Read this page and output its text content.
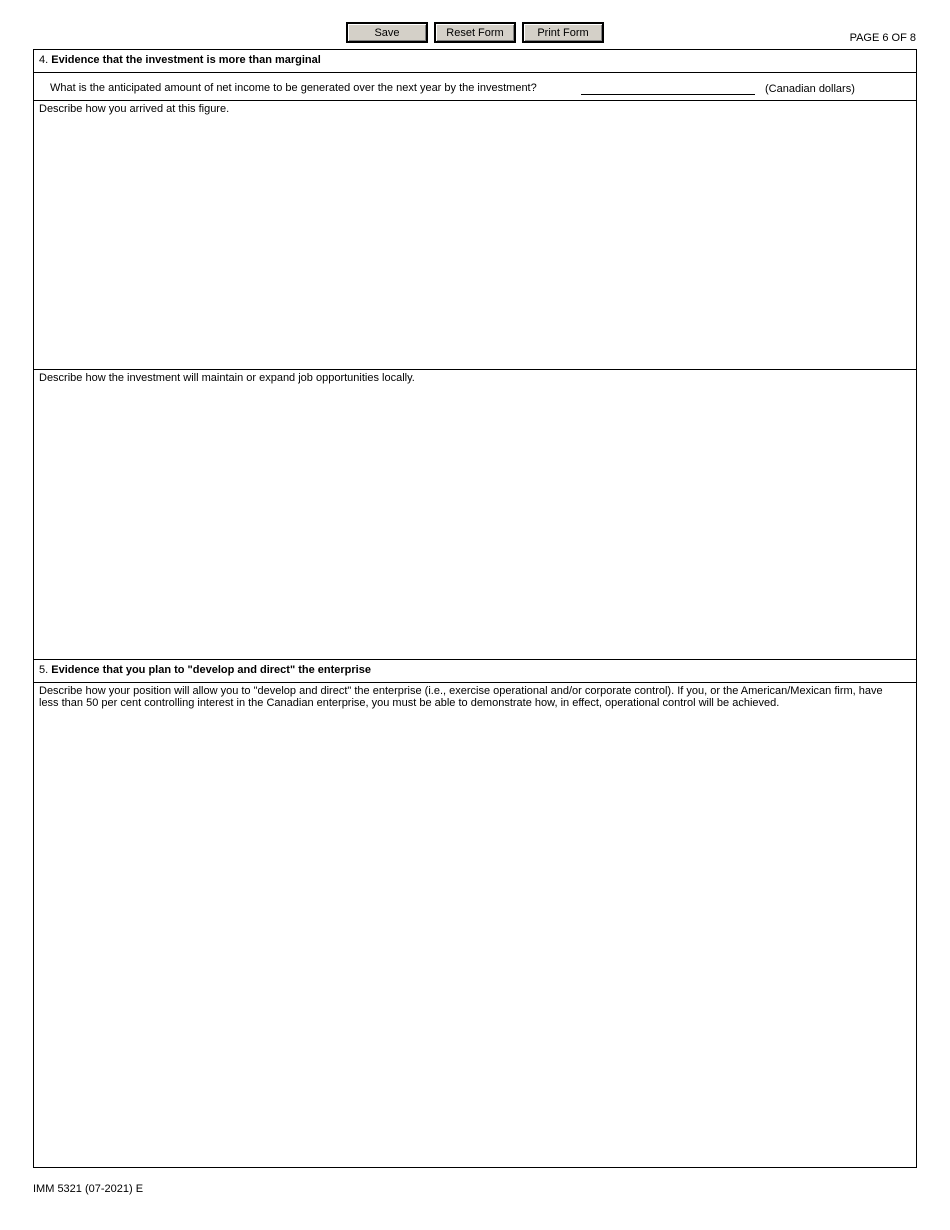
Save	Reset Form	Print Form	PAGE 6 OF 8
4. Evidence that the investment is more than marginal
What is the anticipated amount of net income to be generated over the next year by the investment?	(Canadian dollars)
Describe how you arrived at this figure.
Describe how the investment will maintain or expand job opportunities locally.
5. Evidence that you plan to "develop and direct" the enterprise
Describe how your position will allow you to "develop and direct" the enterprise (i.e., exercise operational and/or corporate control). If you, or the American/Mexican firm, have less than 50 per cent controlling interest in the Canadian enterprise, you must be able to demonstrate how, in effect, operational control will be achieved.
IMM 5321 (07-2021) E
